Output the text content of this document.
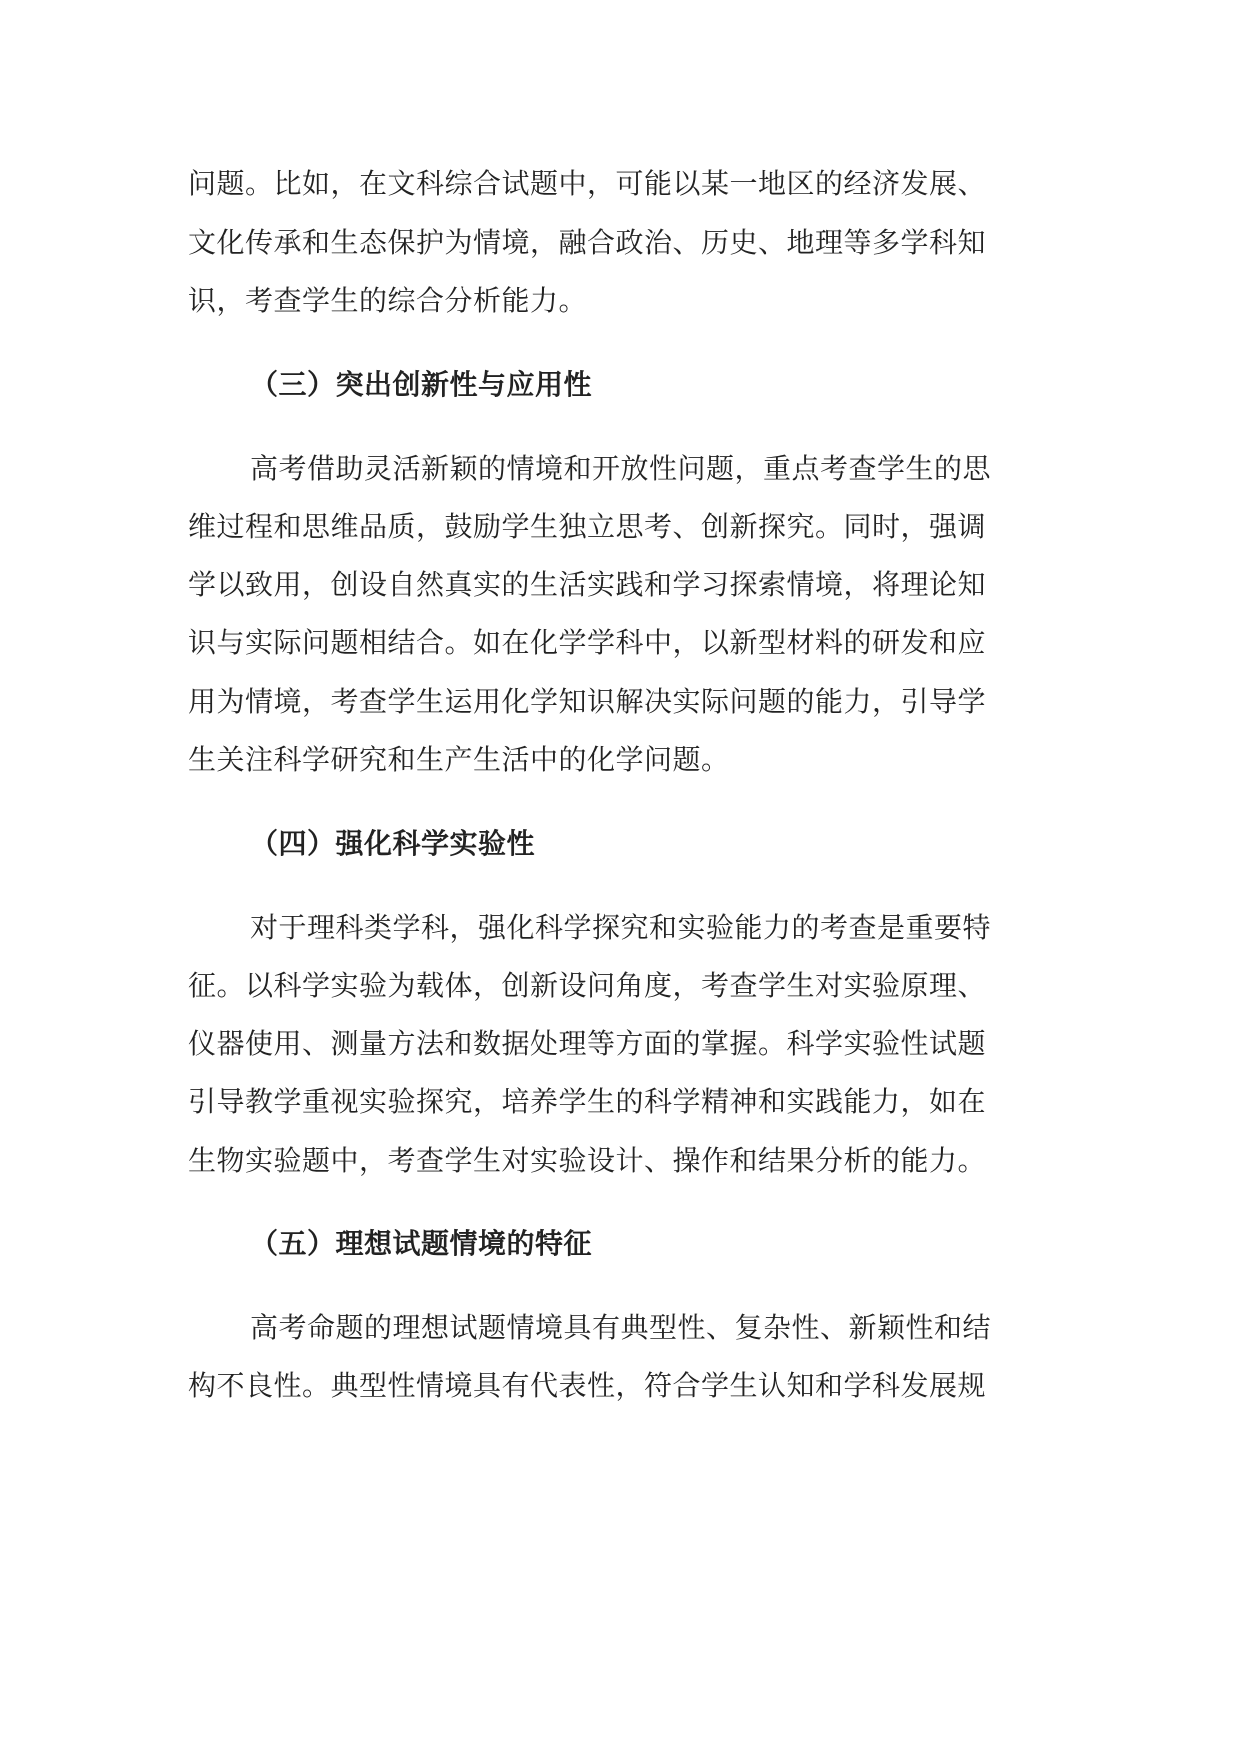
问题。比如，在文科综合试题中，可能以某一地区的经济发展、
文化传承和生态保护为情境，融合政治、历史、地理等多学科知
识，考查学生的综合分析能力。
（三）突出创新性与应用性
高考借助灵活新颖的情境和开放性问题，重点考查学生的思
维过程和思维品质，鼓励学生独立思考、创新探究。同时，强调
学以致用，创设自然真实的生活实践和学习探索情境，将理论知
识与实际问题相结合。如在化学学科中，以新型材料的研发和应
用为情境，考查学生运用化学知识解决实际问题的能力，引导学
生关注科学研究和生产生活中的化学问题。
（四）强化科学实验性
对于理科类学科，强化科学探究和实验能力的考查是重要特
征。以科学实验为载体，创新设问角度，考查学生对实验原理、
仪器使用、测量方法和数据处理等方面的掌握。科学实验性试题
引导教学重视实验探究，培养学生的科学精神和实践能力，如在
生物实验题中，考查学生对实验设计、操作和结果分析的能力。
（五）理想试题情境的特征
高考命题的理想试题情境具有典型性、复杂性、新颖性和结
构不良性。典型性情境具有代表性，符合学生认知和学科发展规
